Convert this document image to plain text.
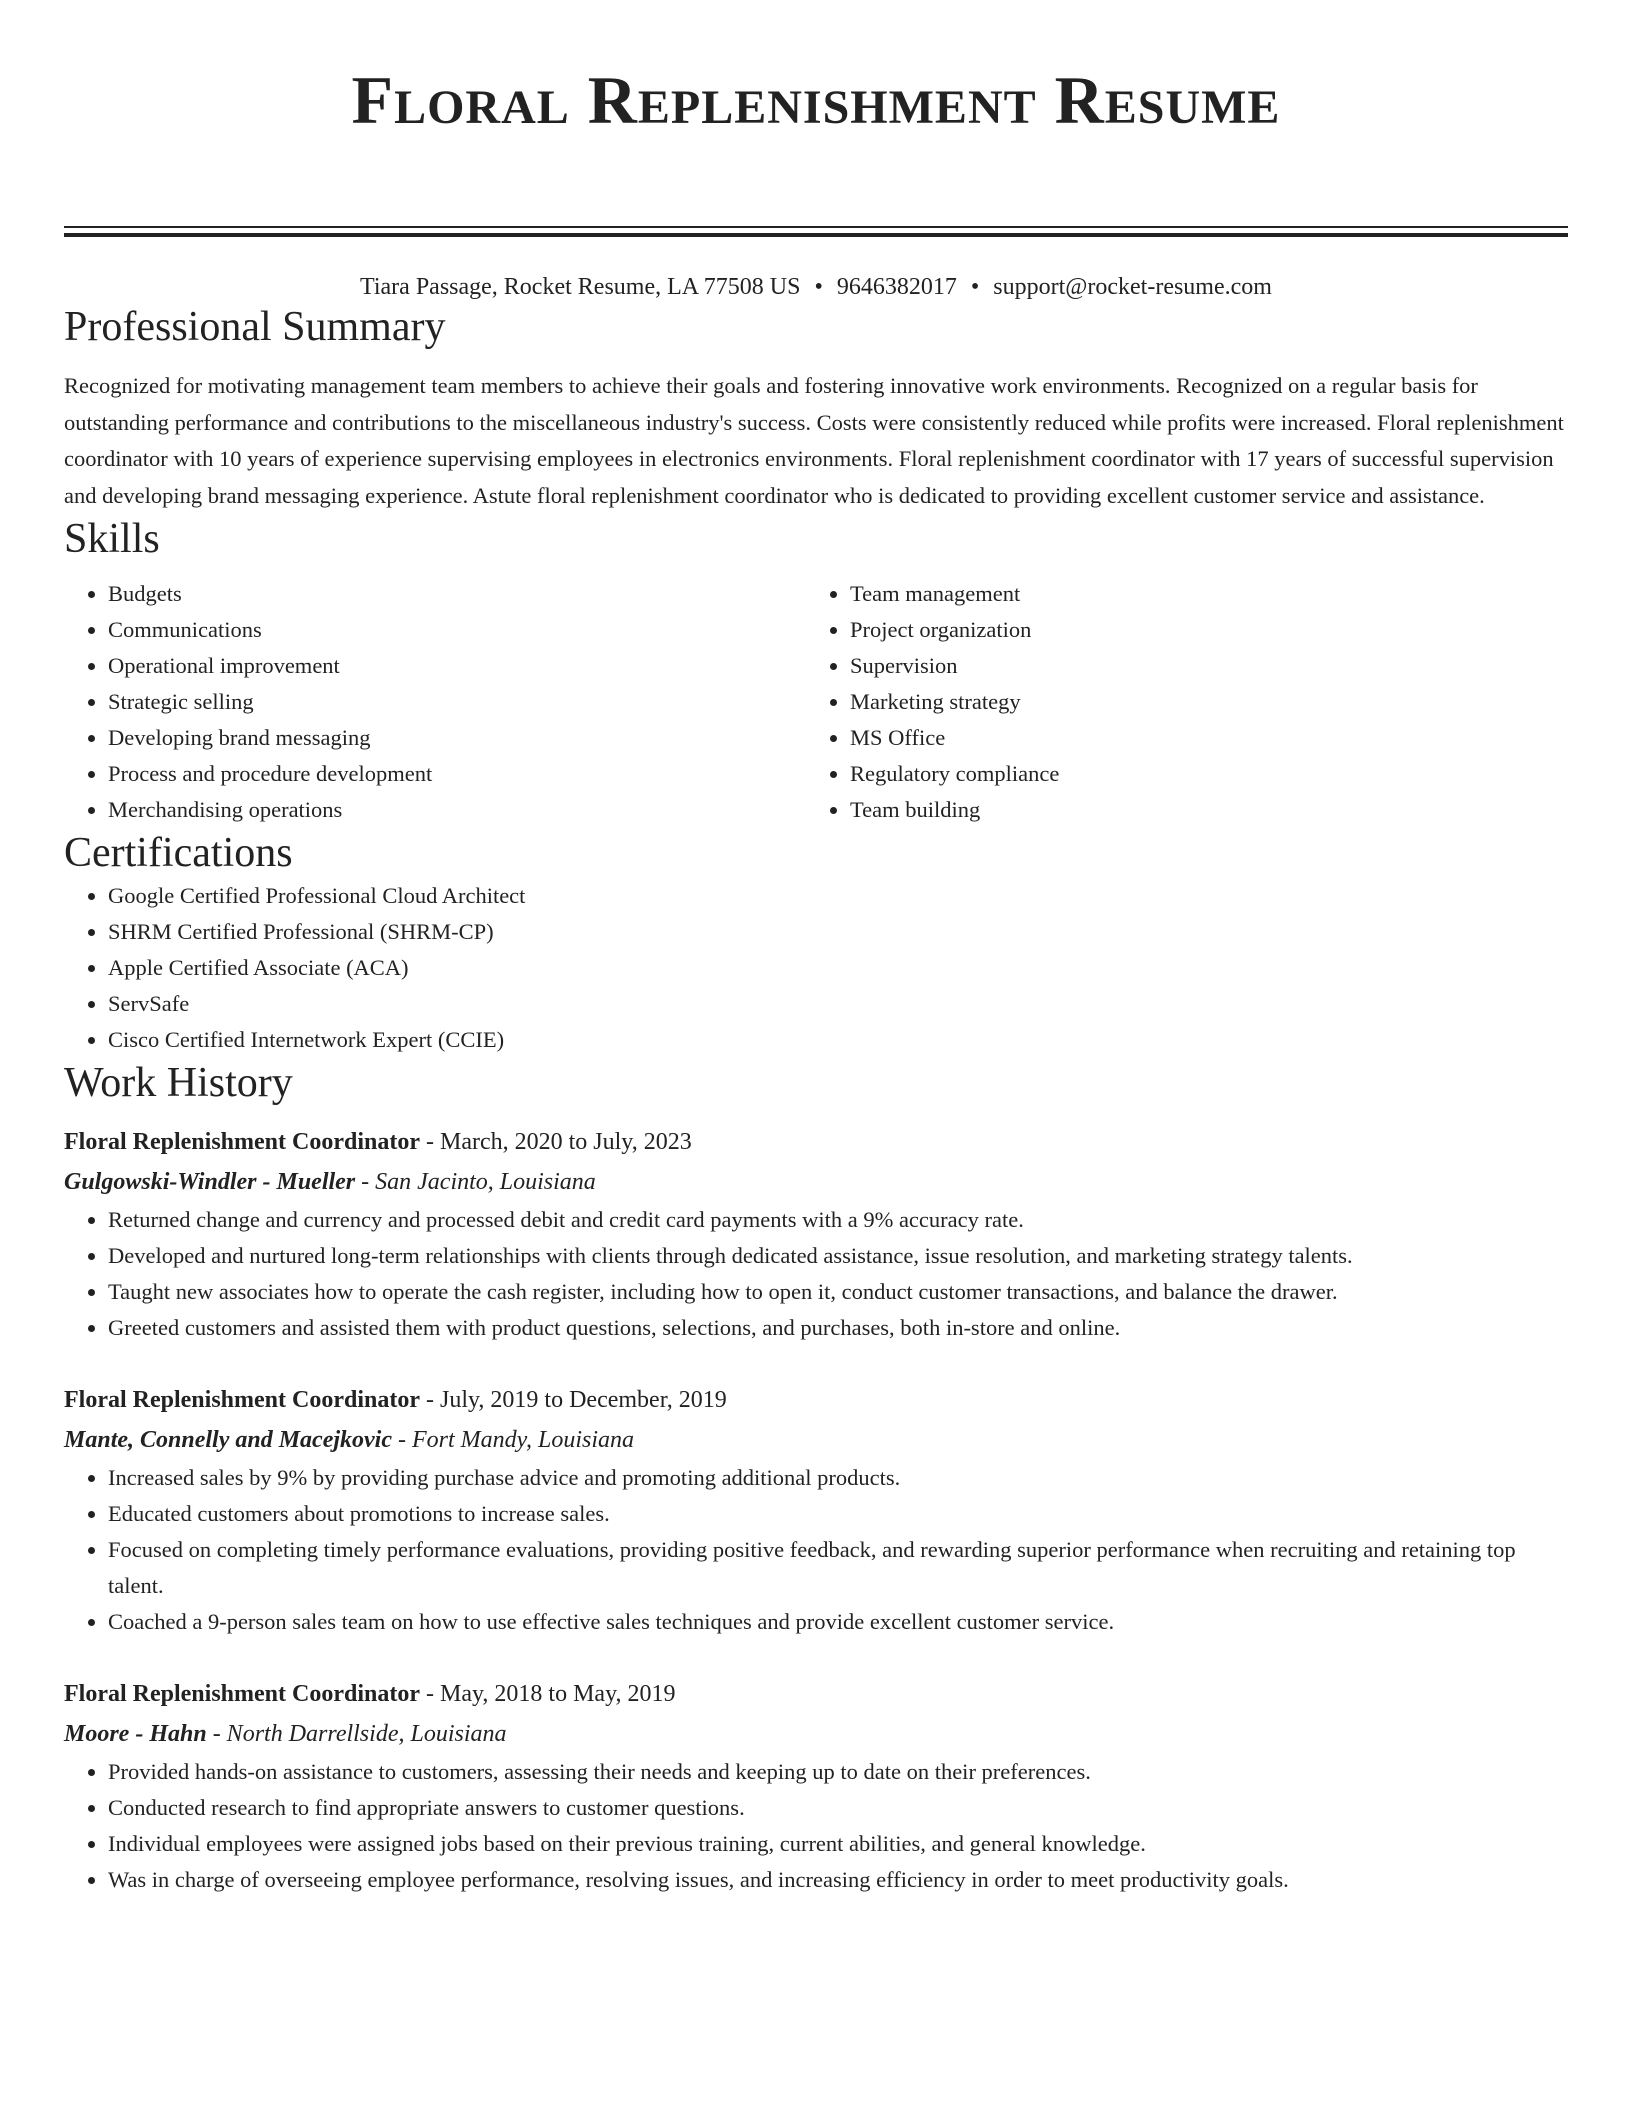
Floral Replenishment Resume
Tiara Passage, Rocket Resume, LA 77508 US • 9646382017 • support@rocket-resume.com
Professional Summary

Recognized for motivating management team members to achieve their goals and fostering innovative work environments. Recognized on a regular basis for outstanding performance and contributions to the miscellaneous industry's success. Costs were consistently reduced while profits were increased. Floral replenishment coordinator with 10 years of experience supervising employees in electronics environments. Floral replenishment coordinator with 17 years of successful supervision and developing brand messaging experience. Astute floral replenishment coordinator who is dedicated to providing excellent customer service and assistance.

Skills
• Budgets
• Communications
• Operational improvement
• Strategic selling
• Developing brand messaging
• Process and procedure development
• Merchandising operations
• Team management
• Project organization
• Supervision
• Marketing strategy
• MS Office
• Regulatory compliance
• Team building
Certifications
• Google Certified Professional Cloud Architect
• SHRM Certified Professional (SHRM-CP)
• Apple Certified Associate (ACA)
• ServSafe
• Cisco Certified Internetwork Expert (CCIE)
Work History
Floral Replenishment Coordinator - March, 2020 to July, 2023
Gulgowski-Windler - Mueller - San Jacinto, Louisiana
• Returned change and currency and processed debit and credit card payments with a 9% accuracy rate.
• Developed and nurtured long-term relationships with clients through dedicated assistance, issue resolution, and marketing strategy talents.
• Taught new associates how to operate the cash register, including how to open it, conduct customer transactions, and balance the drawer.
• Greeted customers and assisted them with product questions, selections, and purchases, both in-store and online.
Floral Replenishment Coordinator - July, 2019 to December, 2019
Mante, Connelly and Macejkovic - Fort Mandy, Louisiana
• Increased sales by 9% by providing purchase advice and promoting additional products.
• Educated customers about promotions to increase sales.
• Focused on completing timely performance evaluations, providing positive feedback, and rewarding superior performance when recruiting and retaining top talent.
• Coached a 9-person sales team on how to use effective sales techniques and provide excellent customer service.
Floral Replenishment Coordinator - May, 2018 to May, 2019
Moore - Hahn - North Darrellside, Louisiana
• Provided hands-on assistance to customers, assessing their needs and keeping up to date on their preferences.
• Conducted research to find appropriate answers to customer questions.
• Individual employees were assigned jobs based on their previous training, current abilities, and general knowledge.
• Was in charge of overseeing employee performance, resolving issues, and increasing efficiency in order to meet productivity goals.
